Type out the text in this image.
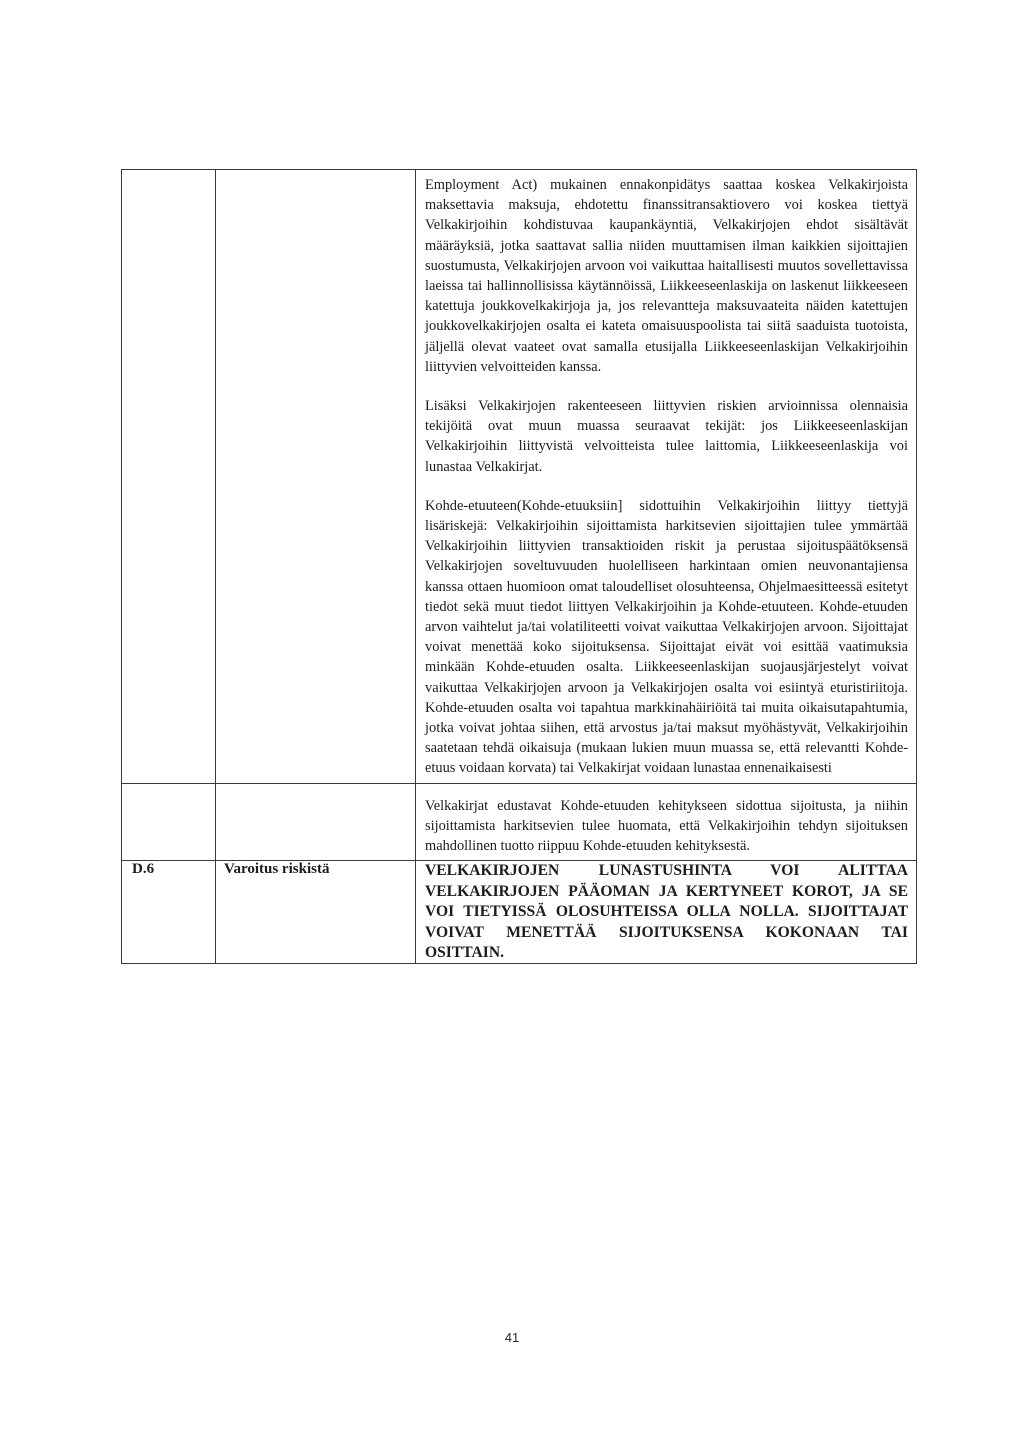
		Employment Act) mukainen ennakonpidätys saattaa koskea Velkakirjoista maksettavia maksuja, ehdotettu finanssitransaktiovero voi koskea tiettyä Velkakirjoihin kohdistuvaa kaupankäyntiä, Velkakirjojen ehdot sisältävät määräyksiä, jotka saattavat sallia niiden muuttamisen ilman kaikkien sijoittajien suostumusta, Velkakirjojen arvoon voi vaikuttaa haitallisesti muutos sovellettavissa laeissa tai hallinnollisissa käytännöissä, Liikkeeseenlaskija on laskenut liikkeeseen katettuja joukkovelkakirjoja ja, jos relevantteja maksuvaateita näiden katettujen joukkovelkakirjojen osalta ei kateta omaisuuspoolista tai siitä saaduista tuotoista, jäljellä olevat vaateet ovat samalla etusijalla Liikkeeseenlaskijan Velkakirjoihin liittyvien velvoitteiden kanssa.

Lisäksi Velkakirjojen rakenteeseen liittyvien riskien arvioinnissa olennaisia tekijöitä ovat muun muassa seuraavat tekijät: jos Liikkeeseenlaskijan Velkakirjoihin liittyvistä velvoitteista tulee laittomia, Liikkeeseenlaskija voi lunastaa Velkakirjat.

Kohde-etuuteen(Kohde-etuuksiin] sidottuihin Velkakirjoihin liittyy tiettyjä lisäriskejä: Velkakirjoihin sijoittamista harkitsevien sijoittajien tulee ymmärtää Velkakirjoihin liittyvien transaktioiden riskit ja perustaa sijoituspäätöksensä Velkakirjojen soveltuvuuden huolelliseen harkintaan omien neuvonantajiensa kanssa ottaen huomioon omat taloudelliset olosuhteensa, Ohjelmaesitteessä esitetyt tiedot sekä muut tiedot liittyen Velkakirjoihin ja Kohde-etuuteen. Kohde-etuuden arvon vaihtelut ja/tai volatiliteetti voivat vaikuttaa Velkakirjojen arvoon. Sijoittajat voivat menettää koko sijoituksensa. Sijoittajat eivät voi esittää vaatimuksia minkään Kohde-etuuden osalta. Liikkeeseenlaskijan suojausjärjestelyt voivat vaikuttaa Velkakirjojen arvoon ja Velkakirjojen osalta voi esiintyä eturistiriitoja. Kohde-etuuden osalta voi tapahtua markkinahäiriöitä tai muita oikaisutapahtumia, jotka voivat johtaa siihen, että arvostus ja/tai maksut myöhästyvät, Velkakirjoihin saatetaan tehdä oikaisuja (mukaan lukien muun muassa se, että relevantti Kohde-etuus voidaan korvata) tai Velkakirjat voidaan lunastaa ennenaikaisesti

		Velkakirjat edustavat Kohde-etuuden kehitykseen sidottua sijoitusta, ja niihin sijoittamista harkitsevien tulee huomata, että Velkakirjoihin tehdyn sijoituksen mahdollinen tuotto riippuu Kohde-etuuden kehityksestä.

D.6	Varoitus riskistä	VELKAKIRJOJEN LUNASTUSHINTA VOI ALITTAA VELKAKIRJOJEN PÄÄOMAN JA KERTYNEET KOROT, JA SE VOI TIETYISSÄ OLOSUHTEISSA OLLA NOLLA. SIJOITTAJAT VOIVAT MENETTÄÄ SIJOITUKSENSA KOKONAAN TAI OSITTAIN.

41
